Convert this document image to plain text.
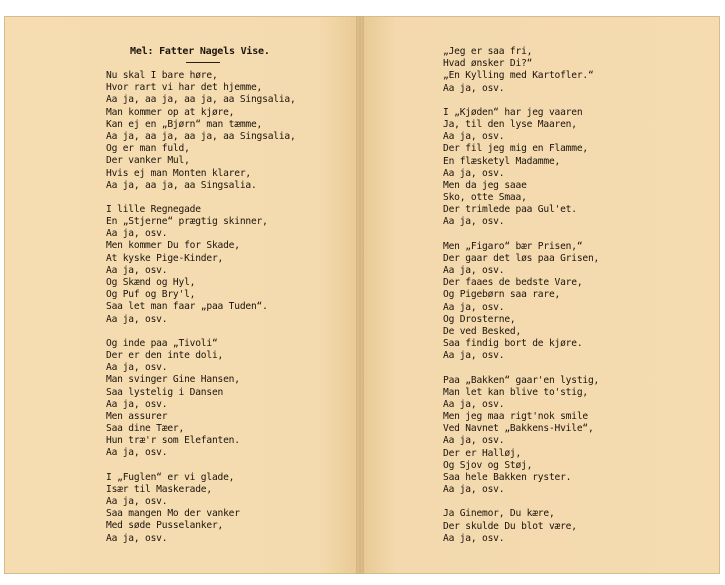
Mel: Fatter Nagels Vise.
Nu skal I bare høre,
Hvor rart vi har det hjemme,
Aa ja, aa ja, aa ja, aa Singsalia,
Man kommer op at kjøre,
Kan ej en „Bjørn“ man tæmme,
Aa ja, aa ja, aa ja, aa Singsalia,
Og er man fuld,
Der vanker Mul,
Hvis ej man Monten klarer,
Aa ja, aa ja, aa Singsalia.
I lille Regnegade
En „Stjerne“ prægtig skinner,
Aa ja, osv.
Men kommer Du for Skade,
At kyske Pige-Kinder,
Aa ja, osv.
Og Skænd og Hyl,
Og Puf og Bry'l,
Saa let man faar „paa Tuden“.
Aa ja, osv.
Og inde paa „Tivoli“
Der er den inte doli,
Aa ja, osv.
Man svinger Gine Hansen,
Saa lystelig i Dansen
Aa ja, osv.
Men assurer
Saa dine Tæer,
Hun træ'r som Elefanten.
Aa ja, osv.
I „Fuglen“ er vi glade,
Især til Maskerade,
Aa ja, osv.
Saa mangen Mo der vanker
Med søde Pusselanker,
Aa ja, osv.
„Jeg er saa fri,
Hvad ønsker Di?“
„En Kylling med Kartofler.“
Aa ja, osv.
I „Kjøden“ har jeg vaaren
Ja, til den lyse Maaren,
Aa ja, osv.
Der fil jeg mig en Flamme,
En flæsketyl Madamme,
Aa ja, osv.
Men da jeg saae
Sko, otte Smaa,
Der trimlede paa Gul'et.
Aa ja, osv.
Men „Figaro“ bær Prisen,“
Der gaar det løs paa Grisen,
Aa ja, osv.
Der faaes de bedste Vare,
Og Pigebørn saa rare,
Aa ja, osv.
Og Drosterne,
De ved Besked,
Saa findig bort de kjøre.
Aa ja, osv.
Paa „Bakken“ gaar'en lystig,
Man let kan blive to'stig,
Aa ja, osv.
Men jeg maa rigt'nok smile
Ved Navnet „Bakkens-Hvile“,
Aa ja, osv.
Der er Halløj,
Og Sjov og Støj,
Saa hele Bakken ryster.
Aa ja, osv.
Ja Ginemor, Du kære,
Der skulde Du blot være,
Aa ja, osv.
